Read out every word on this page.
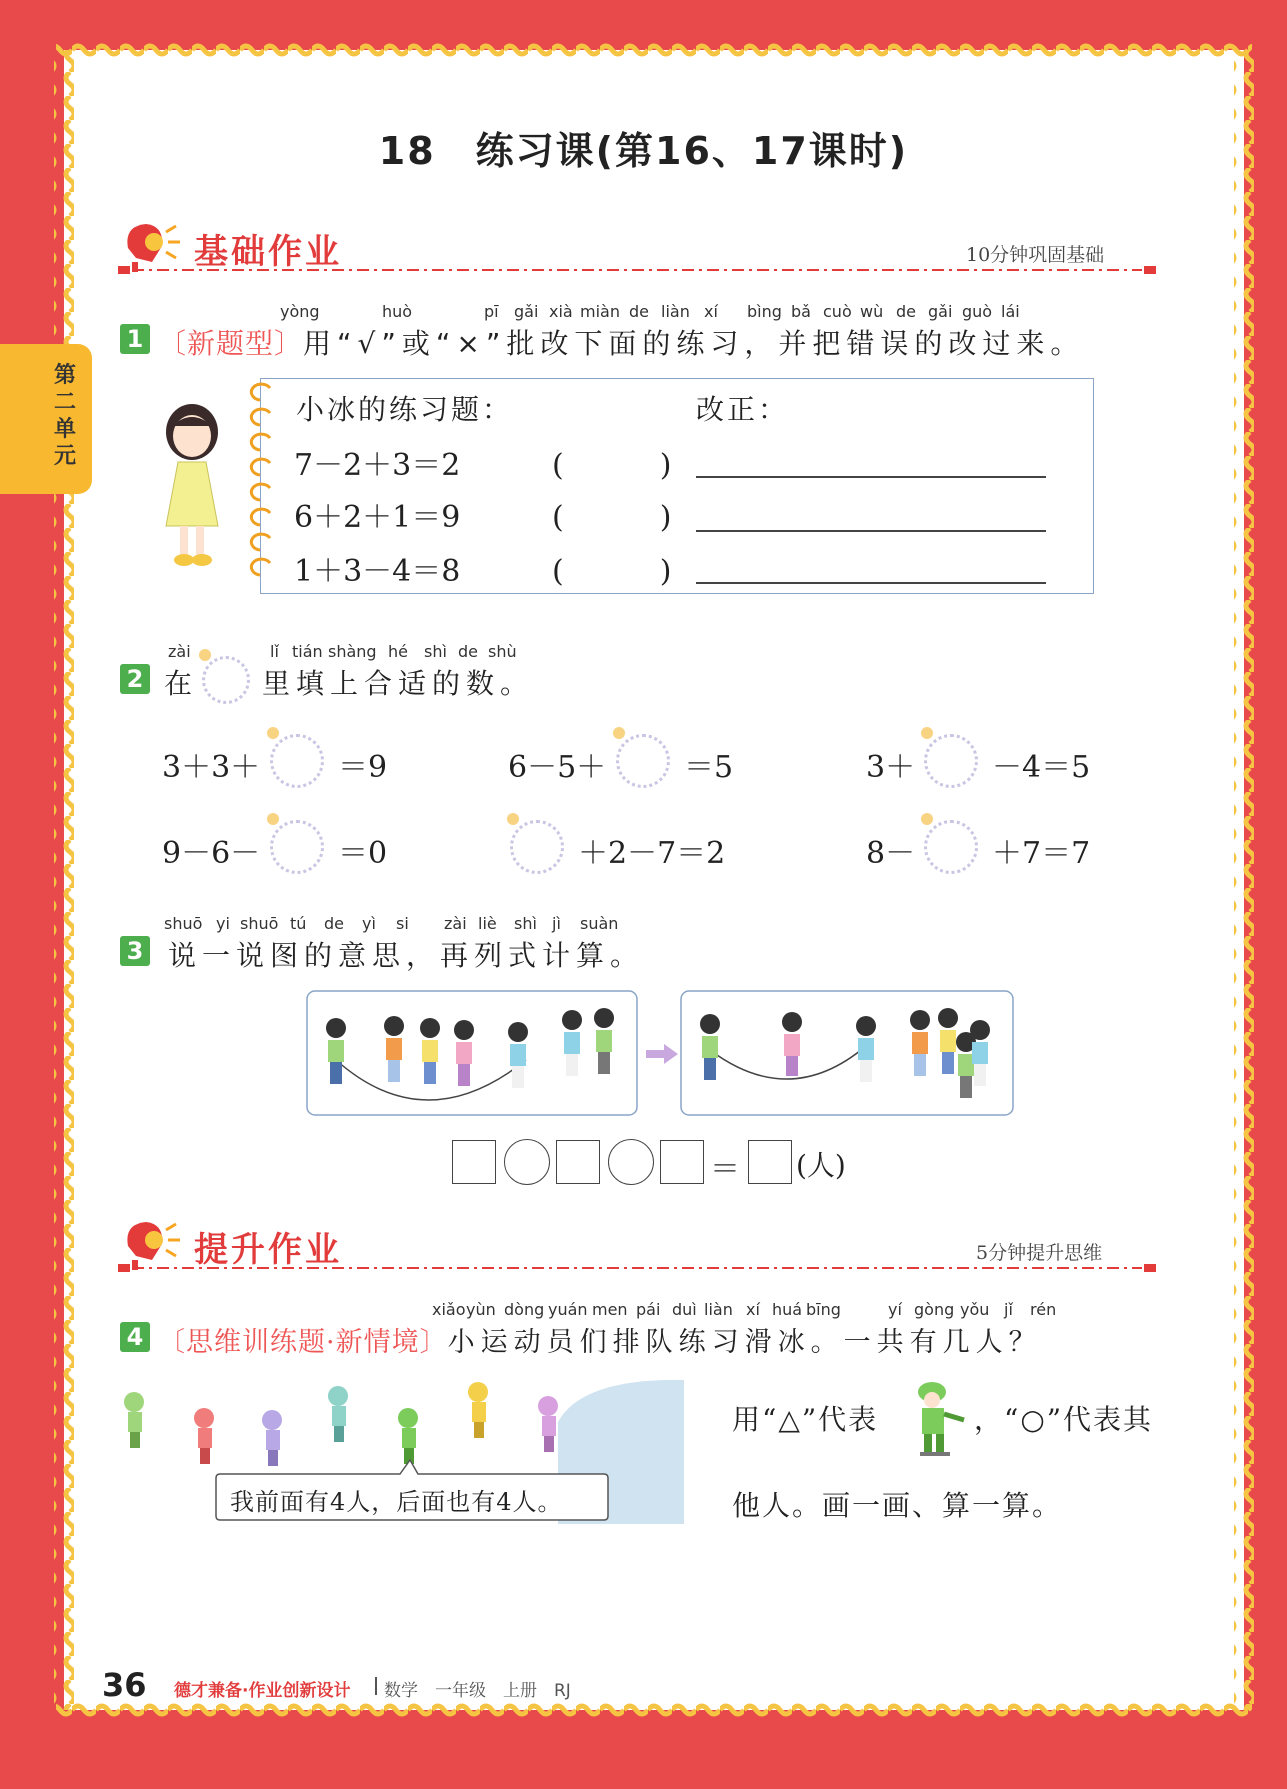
第二单元
18　练习课(第16、17课时)
基础作业	10分钟巩固基础
1
yòng	huò	pī gǎi xià miàn de liàn xí bìng bǎ cuò wù de gǎi guò lái
〔新题型〕用“√”或“×”批改下面的练习，并把错误的改过来。
小冰的练习题：	改正：
7－2＋3＝2	(　　)
6＋2＋1＝9	(　　)
1＋3－4＝8	(　　)
2
zài	lǐ tián shàng hé shì de shù
在 里填上合适的数。
3＋3＋	＝9	6－5＋	＝5	3＋	－4＝5
9－6－	＝0	＋2－7＝2	8－	＋7＝7
3
shuō yi shuō tú de yì si zài liè shì jì suàn
说一说图的意思，再列式计算。
＝ (人)
提升作业	5分钟提升思维
4
xiǎo yùn dòng yuán men pái duì liàn xí huá bīng	yí gòng yǒu jǐ rén
〔思维训练题·新情境〕小运动员们排队练习滑冰。一共有几人？
我前面有4人，后面也有4人。
用“△”代表	，“○”代表其
他人。画一画、算一算。
36 德才兼备·作业创新设计 数学　一年级　上册　RJ
